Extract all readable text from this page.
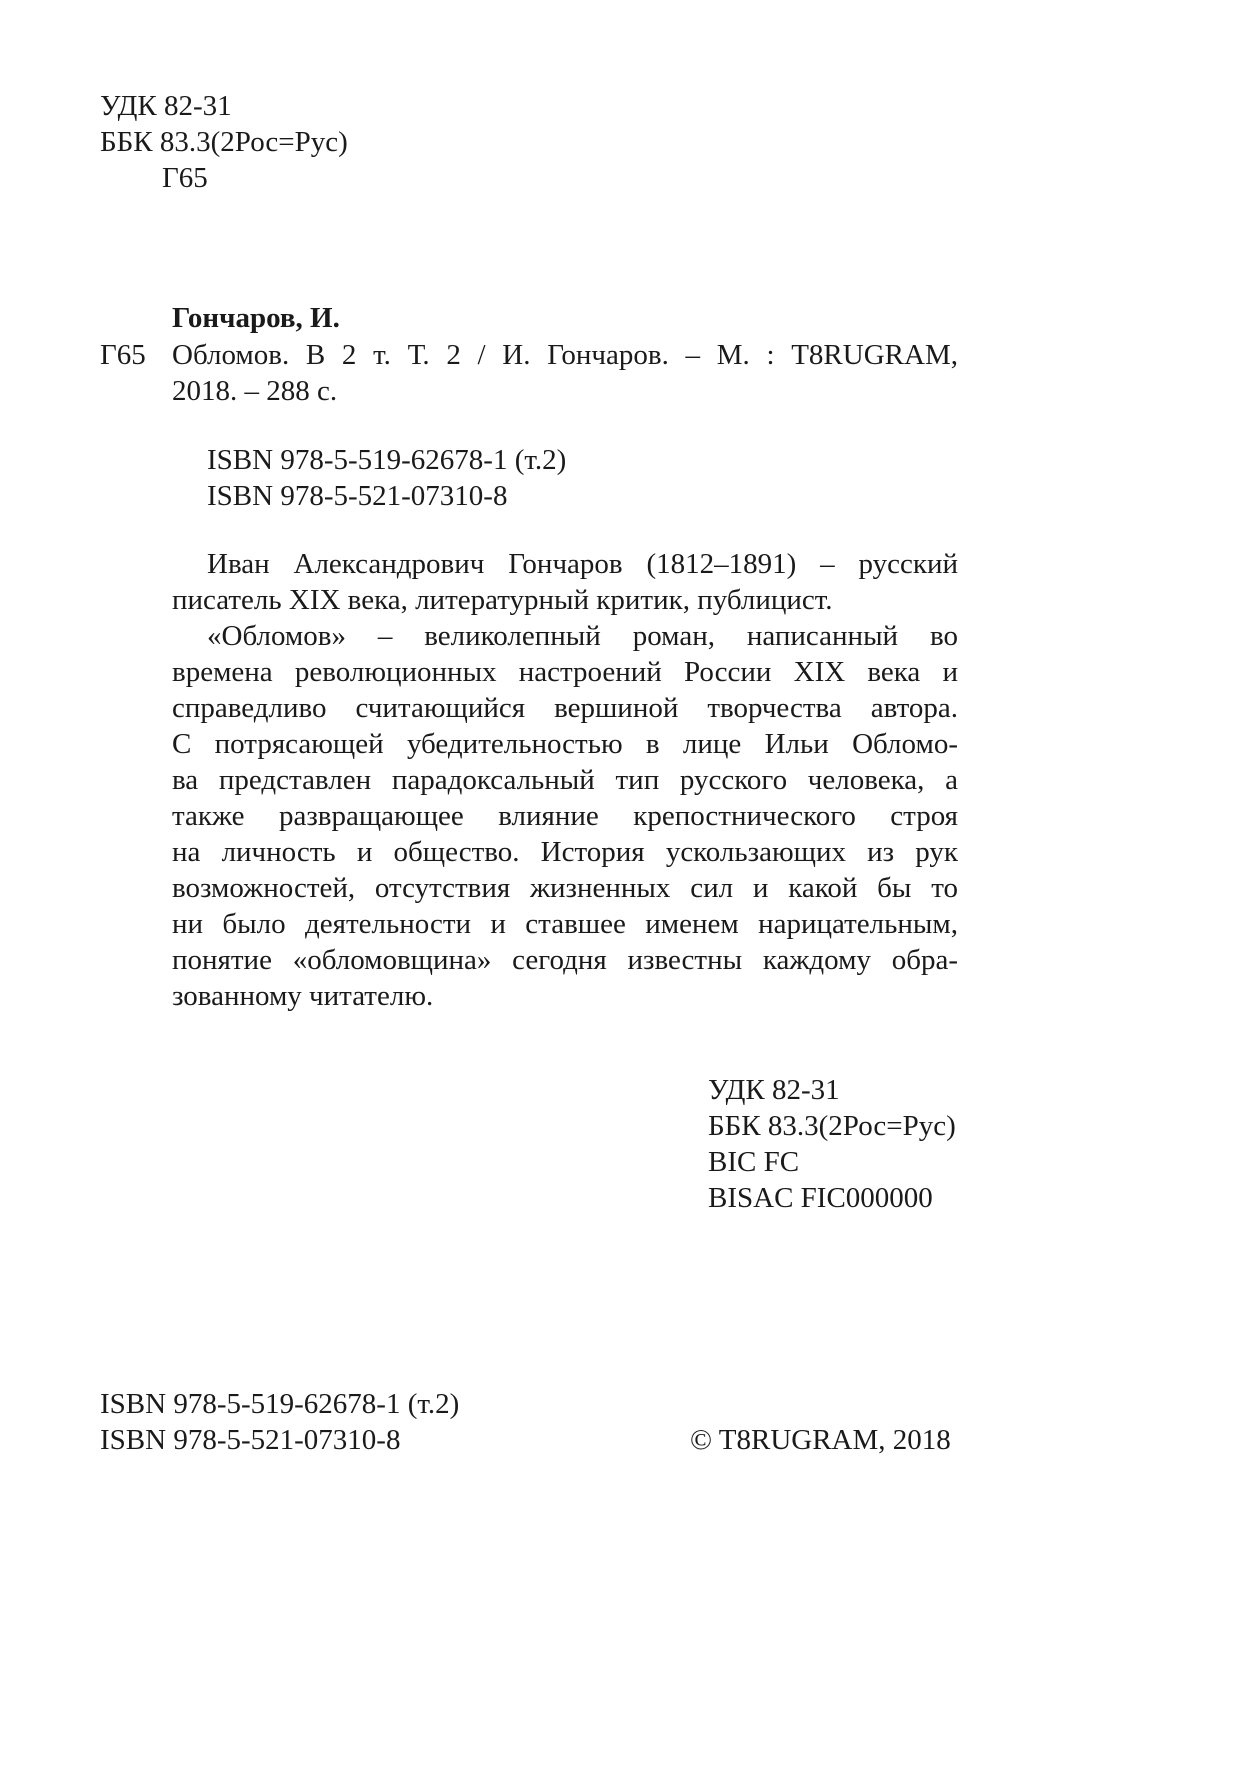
УДК 82-31
ББК 83.3(2Рос=Рус)
Г65
Гончаров, И.
Г65 Обломов. В 2 т. Т. 2 / И. Гончаров. – М. : T8RUGRAM,
2018. – 288 с.
ISBN 978-5-519-62678-1 (т.2)
ISBN 978-5-521-07310-8
Иван Александрович Гончаров (1812–1891) – русский
писатель XIX века, литературный критик, публицист.
«Обломов» – великолепный роман, написанный во
времена революционных настроений России XIX века и
справедливо считающийся вершиной творчества автора.
С потрясающей убедительностью в лице Ильи Обломо-
ва представлен парадоксальный тип русского человека, а
также развращающее влияние крепостнического строя
на личность и общество. История ускользающих из рук
возможностей, отсутствия жизненных сил и какой бы то
ни было деятельности и ставшее именем нарицательным,
понятие «обломовщина» сегодня известны каждому обра-
зованному читателю.
УДК 82-31
ББК 83.3(2Рос=Рус)
BIC FC
BISAC FIC000000
ISBN 978-5-519-62678-1 (т.2)
ISBN 978-5-521-07310-8	© T8RUGRAM, 2018
